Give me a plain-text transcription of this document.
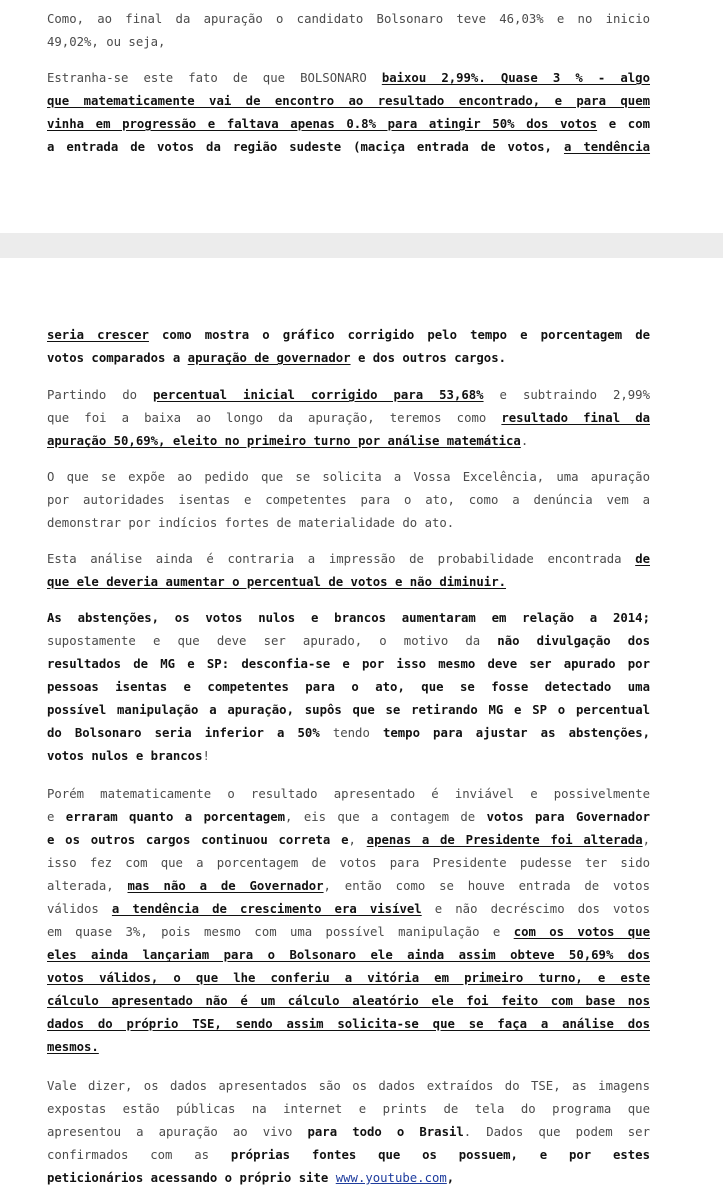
Como, ao final da apuração o candidato Bolsonaro teve 46,03% e no inicio
49,02%, ou seja,
Estranha-se este fato de que BOLSONARO baixou 2,99%. Quase 3 % - algo
que matematicamente vai de encontro ao resultado encontrado, e para quem
vinha em progressão e faltava apenas 0.8% para atingir 50% dos votos e com
a entrada de votos da região sudeste (maciça entrada de votos, a tendência
seria crescer como mostra o gráfico corrigido pelo tempo e porcentagem de
votos comparados a apuração de governador e dos outros cargos.
Partindo do percentual inicial corrigido para 53,68% e subtraindo 2,99%
que foi a baixa ao longo da apuração, teremos como resultado final da
apuração 50,69%, eleito no primeiro turno por análise matemática.
O que se expõe ao pedido que se solicita a Vossa Excelência, uma apuração
por autoridades isentas e competentes para o ato, como a denúncia vem a
demonstrar por indícios fortes de materialidade do ato.
Esta análise ainda é contraria a impressão de probabilidade encontrada de
que ele deveria aumentar o percentual de votos e não diminuir.
As abstenções, os votos nulos e brancos aumentaram em relação a 2014;
supostamente e que deve ser apurado, o motivo da não divulgação dos
resultados de MG e SP: desconfia-se e por isso mesmo deve ser apurado por
pessoas isentas e competentes para o ato, que se fosse detectado uma
possível manipulação a apuração, supôs que se retirando MG e SP o percentual
do Bolsonaro seria inferior a 50% tendo tempo para ajustar as abstenções,
votos nulos e brancos!
Porém matematicamente o resultado apresentado é inviável e possivelmente
e erraram quanto a porcentagem, eis que a contagem de votos para Governador
e os outros cargos continuou correta e, apenas a de Presidente foi alterada,
isso fez com que a porcentagem de votos para Presidente pudesse ter sido
alterada, mas não a de Governador, então como se houve entrada de votos
válidos a tendência de crescimento era visível e não decréscimo dos votos
em quase 3%, pois mesmo com uma possível manipulação e com os votos que
eles ainda lançariam para o Bolsonaro ele ainda assim obteve 50,69% dos
votos válidos, o que lhe conferiu a vitória em primeiro turno, e este
cálculo apresentado não é um cálculo aleatório ele foi feito com base nos
dados do próprio TSE, sendo assim solicita-se que se faça a análise dos
mesmos.
Vale dizer, os dados apresentados são os dados extraídos do TSE, as imagens
expostas estão públicas na internet e prints de tela do programa que
apresentou a apuração ao vivo para todo o Brasil. Dados que podem ser
confirmados com as próprias fontes que os possuem, e por estes
peticionários acessando o próprio site www.youtube.com,
